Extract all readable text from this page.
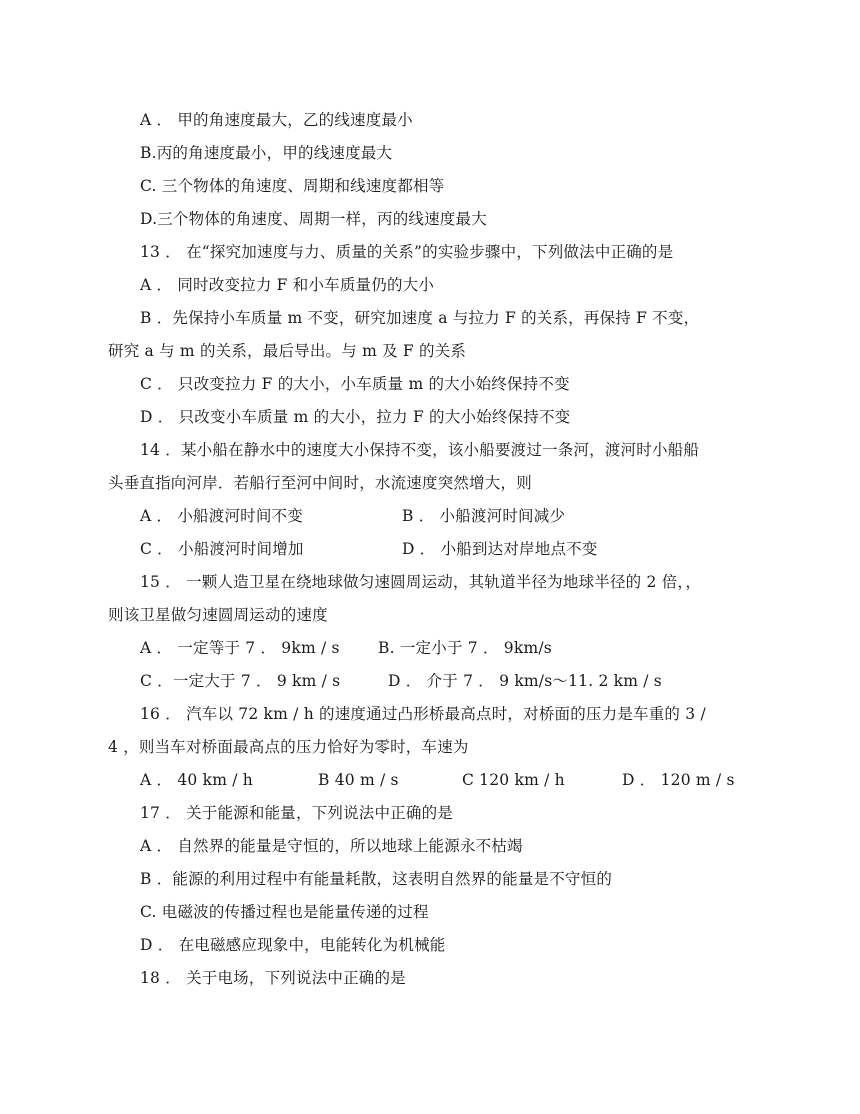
A ． 甲的角速度最大，乙的线速度最小
B.丙的角速度最小，甲的线速度最大
C. 三个物体的角速度、周期和线速度都相等
D.三个物体的角速度、周期一样，丙的线速度最大
13 ． 在“探究加速度与力、质量的关系”的实验步骤中，下列做法中正确的是
A ． 同时改变拉力 F 和小车质量仍的大小
B ．先保持小车质量 m 不变，研究加速度 a 与拉力 F 的关系，再保持 F 不变，
研究 a 与 m 的关系，最后导出。与 m 及 F 的关系
C ． 只改变拉力 F 的大小，小车质量 m 的大小始终保持不变
D ． 只改变小车质量 m 的大小，拉力 F 的大小始终保持不变
14 ．某小船在静水中的速度大小保持不变，该小船要渡过一条河，渡河时小船船
头垂直指向河岸．若船行至河中间时，水流速度突然增大，则
A ． 小船渡河时间不变	B ． 小船渡河时间减少
C ． 小船渡河时间增加	D ． 小船到达对岸地点不变
15 ． 一颗人造卫星在绕地球做匀速圆周运动，其轨道半径为地球半径的 2 倍，，
则该卫星做匀速圆周运动的速度
A ． 一定等于 7 ． 9km / s B. 一定小于 7 ． 9km/s
C ．一定大于 7 ． 9 km / s	D ． 介于 7 ． 9 km/s～11. 2 km / s
16 ． 汽车以 72 km / h 的速度通过凸形桥最高点时，对桥面的压力是车重的 3 /
4 ，则当车对桥面最高点的压力恰好为零时，车速为
A ． 40 km / h	B 40 m / s	C 120 km / h	D ． 120 m / s
17 ． 关于能源和能量，下列说法中正确的是
A ． 自然界的能量是守恒的，所以地球上能源永不枯竭
B ．能源的利用过程中有能量耗散，这表明自然界的能量是不守恒的
C. 电磁波的传播过程也是能量传递的过程
D ． 在电磁感应现象中，电能转化为机械能
18 ． 关于电场，下列说法中正确的是
